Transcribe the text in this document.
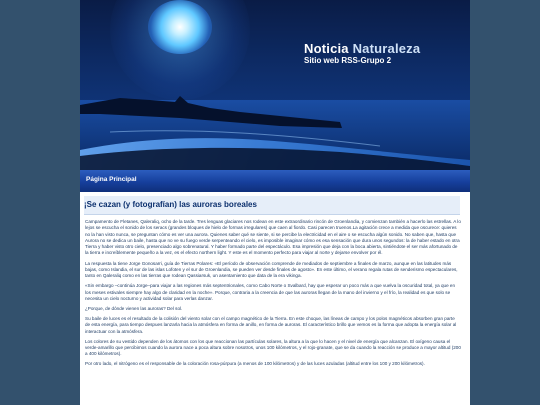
Noticia Naturaleza

Sitio web RSS-Grupo 2

Página Principal
¡Se cazan (y fotografían) las auroras boreales

Campamento de Fletanes, Qaleraliq, ocho de la tarde. Tres lenguas glaciares nos rodean en este extraordinario rincón de Groenlandia, y comienzan también a hacerlo las estrellas. A lo lejos se escucha el sonido de los seracs (grandes bloques de hielo de formas irregulares) que caen al fiordo. Casi parecen truenos.La agitación crece a medida que oscurece: quieres no la han visto nunca, se preguntan cómo es ver una aurora. Quienes saber qué se siente, si se percibe la electricidad en el aire o se escucha algún sonido. No saben que, hasta que Aurora no se dedica un baile, hasta que no ve su fuego verde serpenteando el cielo, es imposible imaginar cómo es esa sensación que dura unos segundos: la de haber estado en otra Tierra y haber visto otro cielo, presenciado algo sobrenatural. Y haber formado parte del espectáculo. Esa impresión que deja con la boca abierta, sintiéndote el ser más afortunado de la tierra e increíblemente pequeño a la vez, es el efecto northern light. Y este es el momento perfecto para viajar al norte y dejarse envolver por él.

La respuesta la tiene Jorge Gonosarri, guía de Tierras Polares: «El período de observación comprende de mediados de septiembre a finales de marzo, aunque en las latitudes más bajas, como Islandia, el sur de las islas Lofoten y el sur de Groenlandia, se pueden ver desde finales de agosto». En este último, el verano regala rutas de senderismo espectaculares, tanto en Qaleraliq como en las tierras que rodean Qassiarsuk, un asentamiento que data de la era vikinga.

«Sin embargo –continúa Jorge–para viajar a las regiones más septentrionales, como Cabo Norte o Svalbard, hay que esperar un poco más a que vuelva la oscuridad total, ya que en los meses estivales siempre hay algo de claridad en la noche». Porque, contraria a la creencia de que las auroras llegan de la mano del invierno y el frío, la realidad es que solo se necesita un cielo nocturno y actividad solar para verlas danzar.

¿Porque, de dónde vienen las auroras? Del sol.

Su baile de luces es el resultado de la colisión del viento solar con el campo magnético de la Tierra. En este choque, las líneas de campo y los polos magnéticos absorben gran parte de esta energía, para tiempo despues lanzarla hacia la atmósfera en forma de anillo, en forma de auroras. El característico brillo que vemos es la forma que adopta la energía solar al interactuar con la atmósfera.

Los colores de su vestido dependen de los átomos con los que reaccionan las partículas solares, la altura a la que lo hacen y el nivel de energía que alcanzan. El oxígeno causa el verde-amarillo que percibimos cuando la aurora nace a poca altura sobre nosotros, unos 100 kilómetros, y el rojo-granate, que se da cuando la reacción se produce a mayor altitud (200 a 400 kilómetros).

Por otro lado, el nitrógeno es el responsable de la coloración rosa-púrpura (a menos de 100 kilómetros) y de las luces azuladas (altitud entre los 100 y 200 kilómetros).
